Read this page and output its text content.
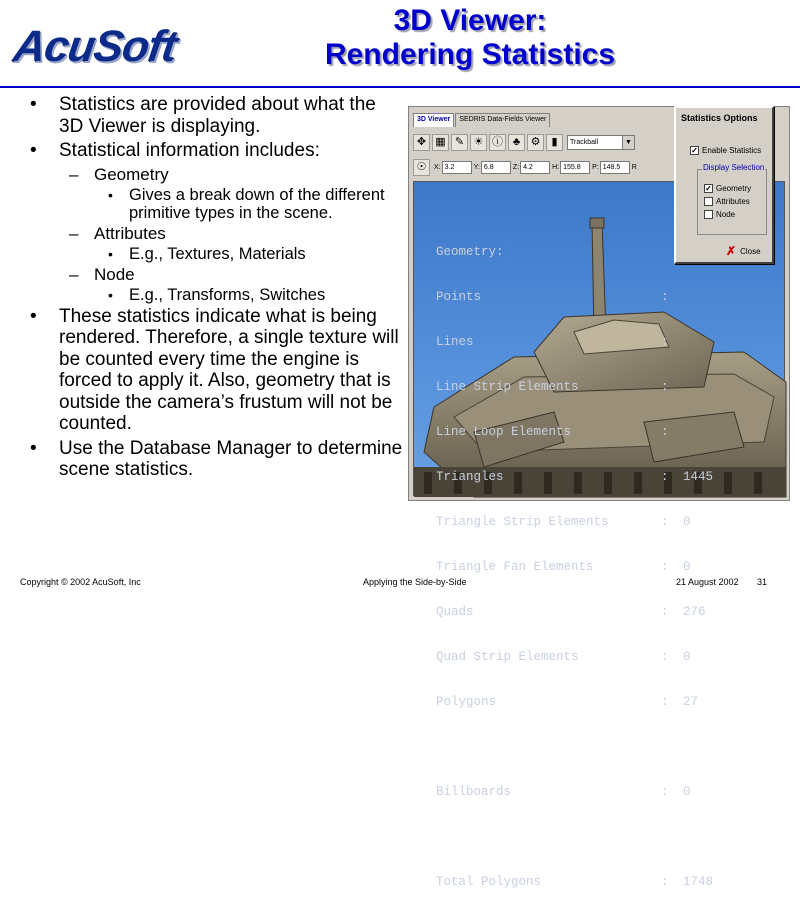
AcuSoft
3D Viewer:
Rendering Statistics
• Statistics are provided about what the 3D Viewer is displaying.
• Statistical information includes:
– Geometry
• Gives a break down of the different primitive types in the scene.
– Attributes
• E.g., Textures, Materials
– Node
• E.g., Transforms, Switches
• These statistics indicate what is being rendered. Therefore, a single texture will be counted every time the engine is forced to apply it. Also, geometry that is outside the camera’s frustum will not be counted.
• Use the Database Manager to determine scene statistics.
3D Viewer	SEDRIS Data-Fields Viewer
✥ ▦ ✎ ☀ ⓘ ♣ ⚙	▮	Trackball	▼
☉	X: 3.2	Y: 6.8	Z: 4.2	H: 155.8	P: 148.5	R

Geometry:

Points	:

Lines	:

Line Strip Elements	:

Line Loop Elements	:

Triangles	:	1445

Triangle Strip Elements	:	0

Triangle Fan Elements	:	0

Quads	:	276

Quad Strip Elements	:	0

Polygons	:	27

Billboards	:	0

Total Polygons	:	1748

Statistics Options
✓ Enable Statistics
Display Selection
✓ Geometry
Attributes
Node
✗ Close
Copyright © 2002 AcuSoft, Inc	Applying the Side-by-Side	21 August 2002 31
